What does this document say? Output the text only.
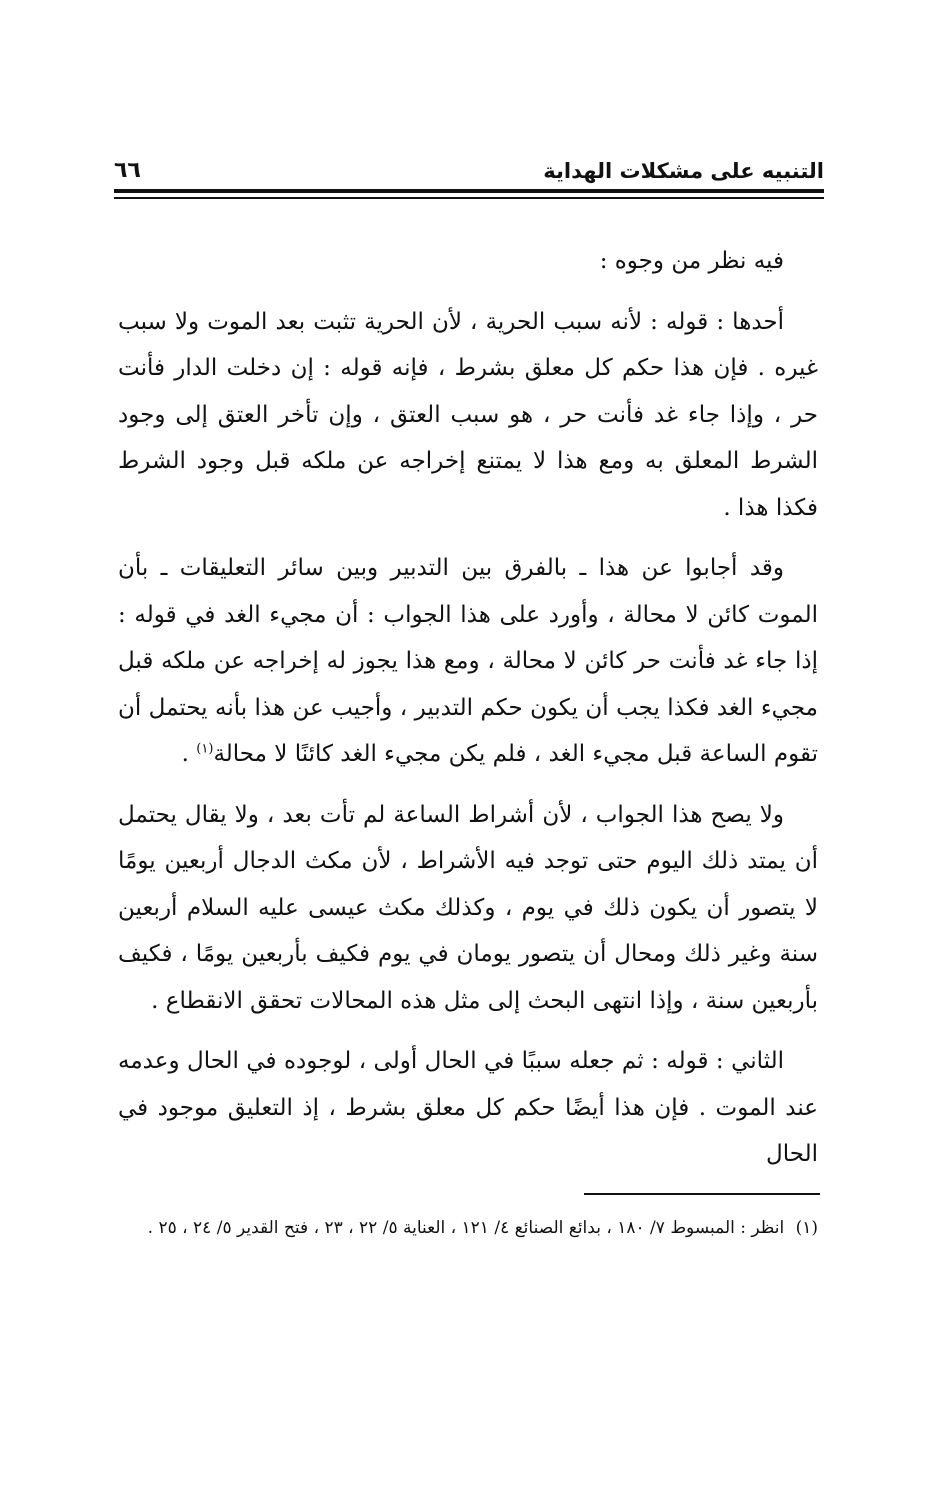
التنبيه على مشكلات الهداية
٦٦

فيه نظر من وجوه :

أحدها : قوله : لأنه سبب الحرية ، لأن الحرية تثبت بعد الموت ولا سبب غيره . فإن هذا حكم كل معلق بشرط ، فإنه قوله : إن دخلت الدار فأنت حر ، وإذا جاء غد فأنت حر ، هو سبب العتق ، وإن تأخر العتق إلى وجود الشرط المعلق به ومع هذا لا يمتنع إخراجه عن ملكه قبل وجود الشرط فكذا هذا .

وقد أجابوا عن هذا ـ بالفرق بين التدبير وبين سائر التعليقات ـ بأن الموت كائن لا محالة ، وأورد على هذا الجواب : أن مجيء الغد في قوله : إذا جاء غد فأنت حر كائن لا محالة ، ومع هذا يجوز له إخراجه عن ملكه قبل مجيء الغد فكذا يجب أن يكون حكم التدبير ، وأجيب عن هذا بأنه يحتمل أن تقوم الساعة قبل مجيء الغد ، فلم يكن مجيء الغد كائنًا لا محالة$^{(١)}$ .

ولا يصح هذا الجواب ، لأن أشراط الساعة لم تأت بعد ، ولا يقال يحتمل أن يمتد ذلك اليوم حتى توجد فيه الأشراط ، لأن مكث الدجال أربعين يومًا لا يتصور أن يكون ذلك في يوم ، وكذلك مكث عيسى عليه السلام أربعين سنة وغير ذلك ومحال أن يتصور يومان في يوم فكيف بأربعين يومًا ، فكيف بأربعين سنة ، وإذا انتهى البحث إلى مثل هذه المحالات تحقق الانقطاع .

الثاني : قوله : ثم جعله سببًا في الحال أولى ، لوجوده في الحال وعدمه عند الموت . فإن هذا أيضًا حكم كل معلق بشرط ، إذ التعليق موجود في الحال

(١) انظر : المبسوط ٧/ ١٨٠ ، بدائع الصنائع ٤/ ١٢١ ، العناية ٥/ ٢٢ ، ٢٣ ، فتح القدير ٥/ ٢٤ ، ٢٥ .
